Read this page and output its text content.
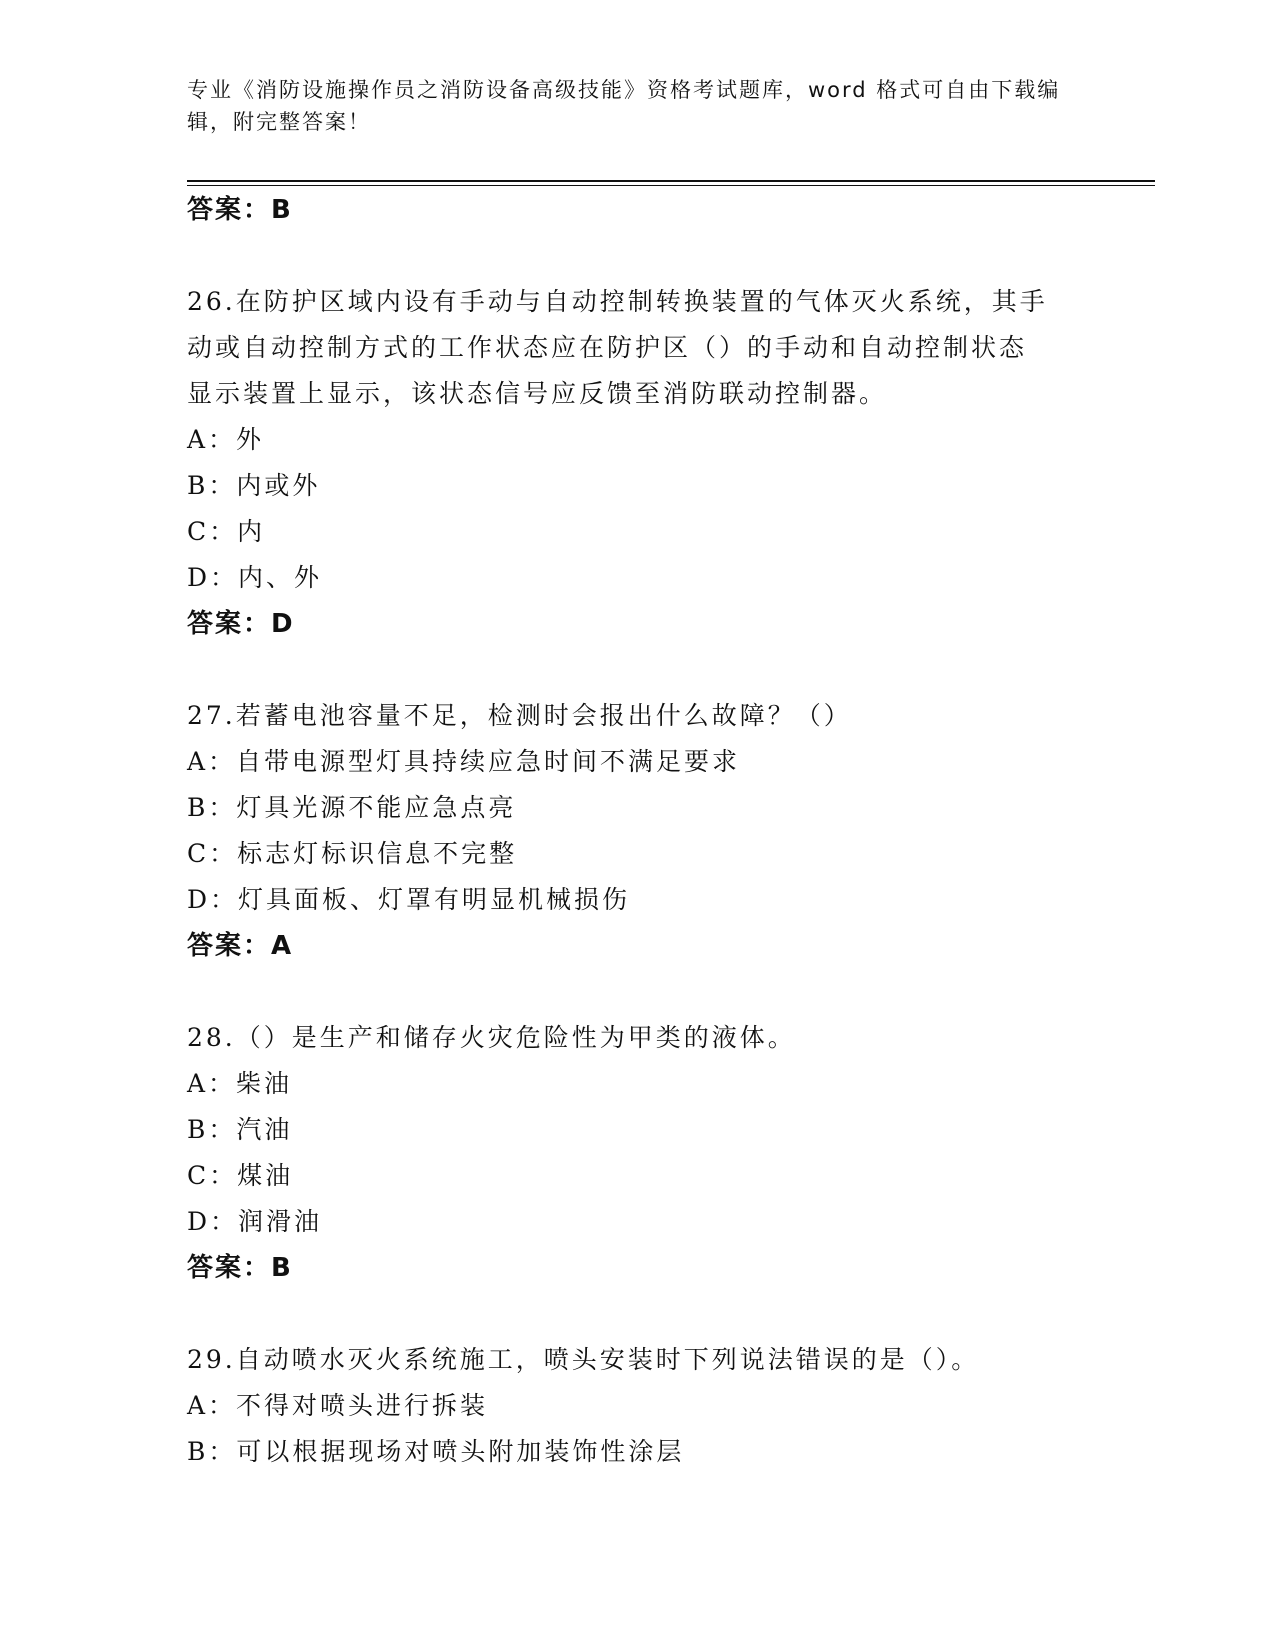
专业《消防设施操作员之消防设备高级技能》资格考试题库，word 格式可自由下载编辑，附完整答案！
答案：B
26.在防护区域内设有手动与自动控制转换装置的气体灭火系统，其手
动或自动控制方式的工作状态应在防护区（）的手动和自动控制状态
显示装置上显示，该状态信号应反馈至消防联动控制器。
A：外
B：内或外
C：内
D：内、外
答案：D
27.若蓄电池容量不足，检测时会报出什么故障？（）
A：自带电源型灯具持续应急时间不满足要求
B：灯具光源不能应急点亮
C：标志灯标识信息不完整
D：灯具面板、灯罩有明显机械损伤
答案：A
28.（）是生产和储存火灾危险性为甲类的液体。
A：柴油
B：汽油
C：煤油
D：润滑油
答案：B
29.自动喷水灭火系统施工，喷头安装时下列说法错误的是（）。
A：不得对喷头进行拆装
B：可以根据现场对喷头附加装饰性涂层
